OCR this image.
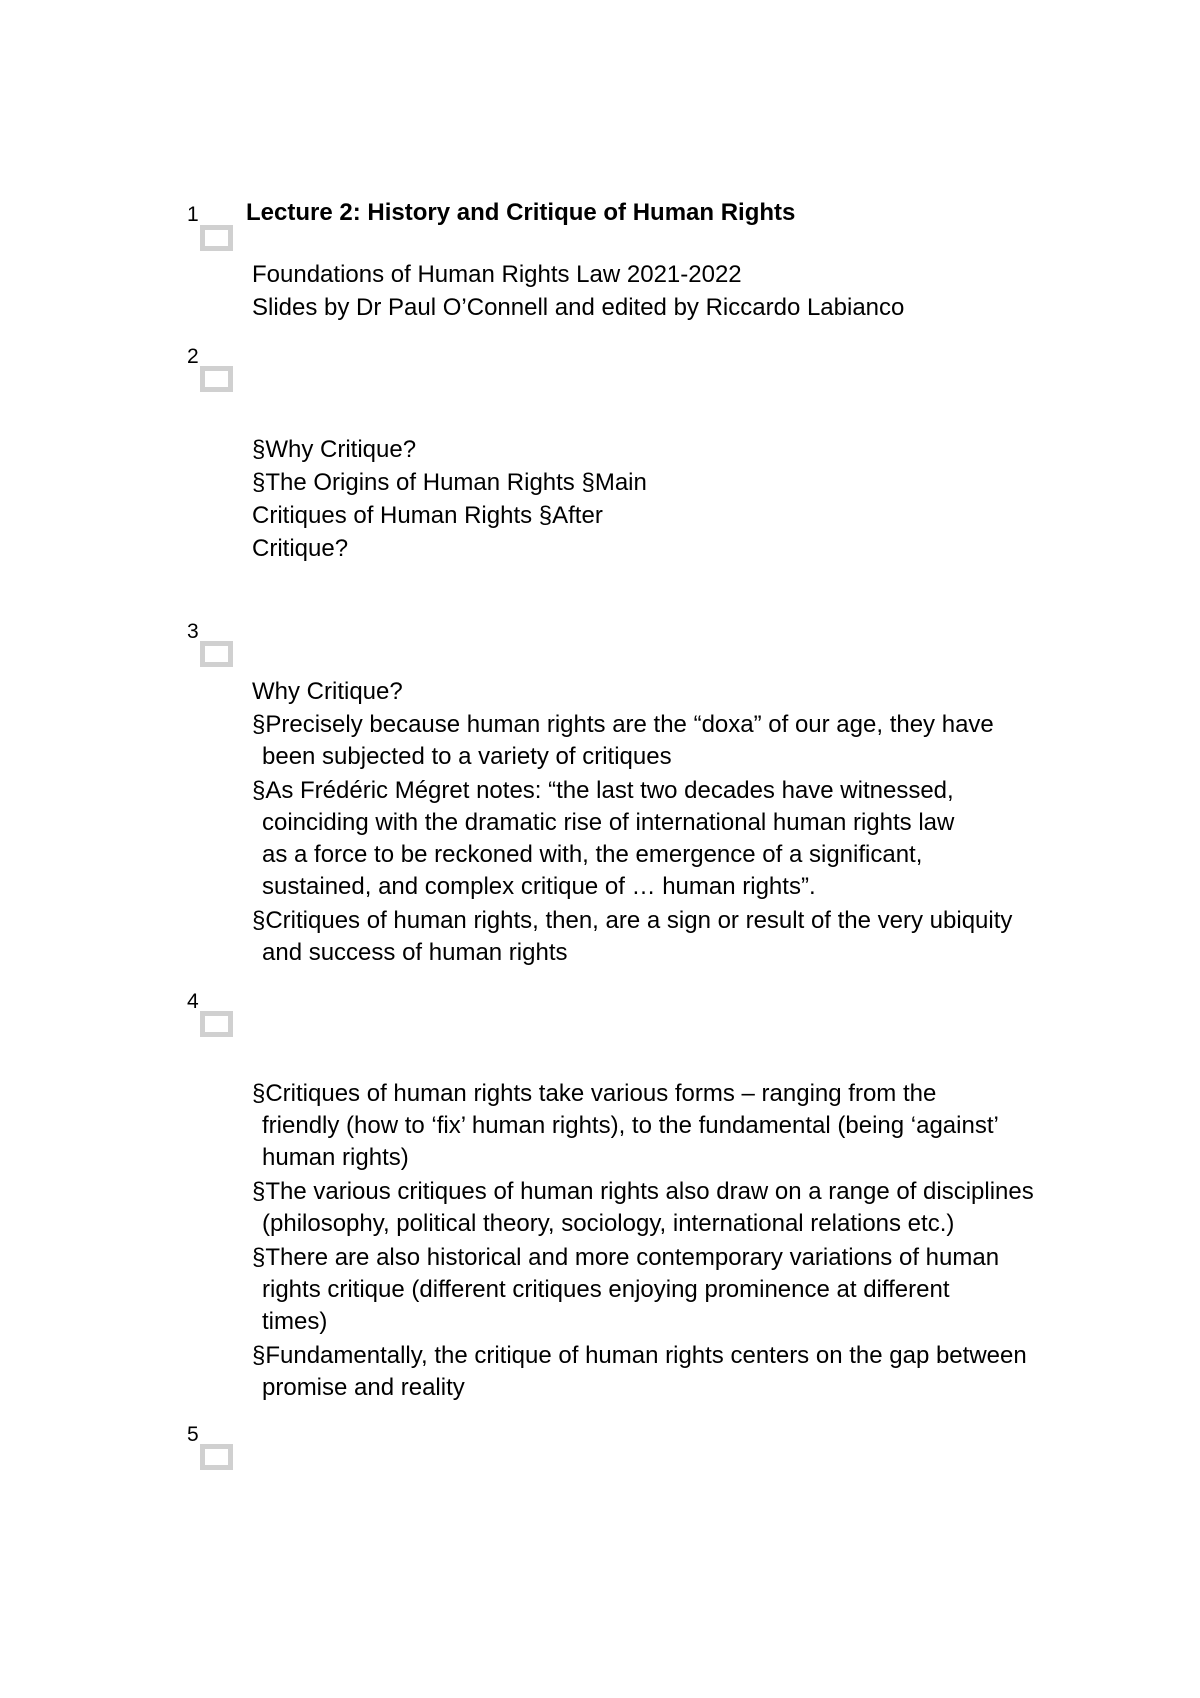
1 Lecture 2: History and Critique of Human Rights
Foundations of Human Rights Law 2021-2022
Slides by Dr Paul O’Connell and edited by Riccardo Labianco
2
§Why Critique?
§The Origins of Human Rights §Main
Critiques of Human Rights §After
Critique?
3
Why Critique?
§Precisely because human rights are the “doxa” of our age, they have
been subjected to a variety of critiques
§As Frédéric Mégret notes: “the last two decades have witnessed,
coinciding with the dramatic rise of international human rights law
as a force to be reckoned with, the emergence of a significant,
sustained, and complex critique of … human rights”.
§Critiques of human rights, then, are a sign or result of the very ubiquity
and success of human rights
4
§Critiques of human rights take various forms – ranging from the
friendly (how to ‘fix’ human rights), to the fundamental (being ‘against’
human rights)
§The various critiques of human rights also draw on a range of disciplines
(philosophy, political theory, sociology, international relations etc.)
§There are also historical and more contemporary variations of human
rights critique (different critiques enjoying prominence at different
times)
§Fundamentally, the critique of human rights centers on the gap between
promise and reality
5
